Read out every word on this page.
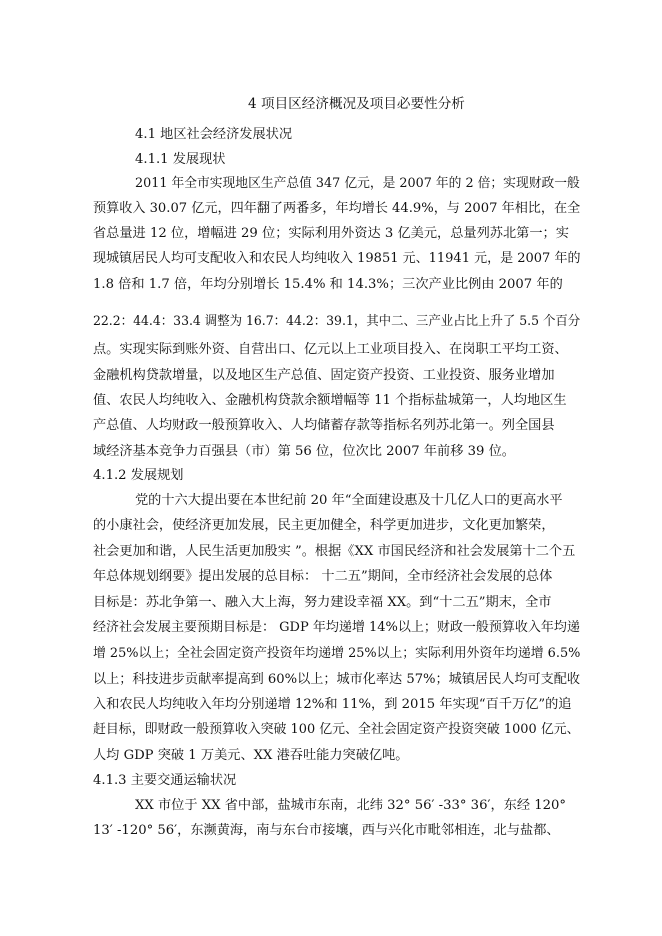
4 项目区经济概况及项目必要性分析
4.1 地区社会经济发展状况
4.1.1 发展现状
2011 年全市实现地区生产总值 347 亿元，是 2007 年的 2 倍；实现财政一般
预算收入 30.07 亿元，四年翻了两番多，年均增长 44.9%，与 2007 年相比，在全
省总量进 12 位，增幅进 29 位；实际利用外资达 3 亿美元，总量列苏北第一；实
现城镇居民人均可支配收入和农民人均纯收入 19851 元、11941 元，是 2007 年的
1.8 倍和 1.7 倍，年均分别增长 15.4% 和 14.3%；三次产业比例由 2007 年的
22.2：44.4：33.4 调整为 16.7：44.2：39.1，其中二、三产业占比上升了 5.5 个百分
点。实现实际到账外资、自营出口、亿元以上工业项目投入、在岗职工平均工资、
金融机构贷款增量，以及地区生产总值、固定资产投资、工业投资、服务业增加
值、农民人均纯收入、金融机构贷款余额增幅等 11 个指标盐城第一，人均地区生
产总值、人均财政一般预算收入、人均储蓄存款等指标名列苏北第一。列全国县
域经济基本竞争力百强县（市）第 56 位，位次比 2007 年前移 39 位。
4.1.2 发展规划
党的十六大提出要在本世纪前 20 年“全面建设惠及十几亿人口的更高水平
的小康社会，使经济更加发展，民主更加健全，科学更加进步，文化更加繁荣，
社会更加和谐，人民生活更加殷实 ”。根据《XX 市国民经济和社会发展第十二个五
年总体规划纲要》提出发展的总目标： 十二五”期间，全市经济社会发展的总体
目标是：苏北争第一、融入大上海，努力建设幸福 XX。到“十二五”期末，全市
经济社会发展主要预期目标是： GDP 年均递增 14%以上；财政一般预算收入年均递
增 25%以上；全社会固定资产投资年均递增 25%以上；实际利用外资年均递增 6.5%
以上；科技进步贡献率提高到 60%以上；城市化率达 57%；城镇居民人均可支配收
入和农民人均纯收入年均分别递增 12%和 11%，到 2015 年实现“百千万亿”的追
赶目标，即财政一般预算收入突破 100 亿元、全社会固定资产投资突破 1000 亿元、
人均 GDP 突破 1 万美元、XX 港吞吐能力突破亿吨。
4.1.3 主要交通运输状况
XX 市位于 XX 省中部，盐城市东南，北纬 32° 56′ -33° 36′，东经 120°
13′ -120° 56′，东濒黄海，南与东台市接壤，西与兴化市毗邻相连，北与盐都、
